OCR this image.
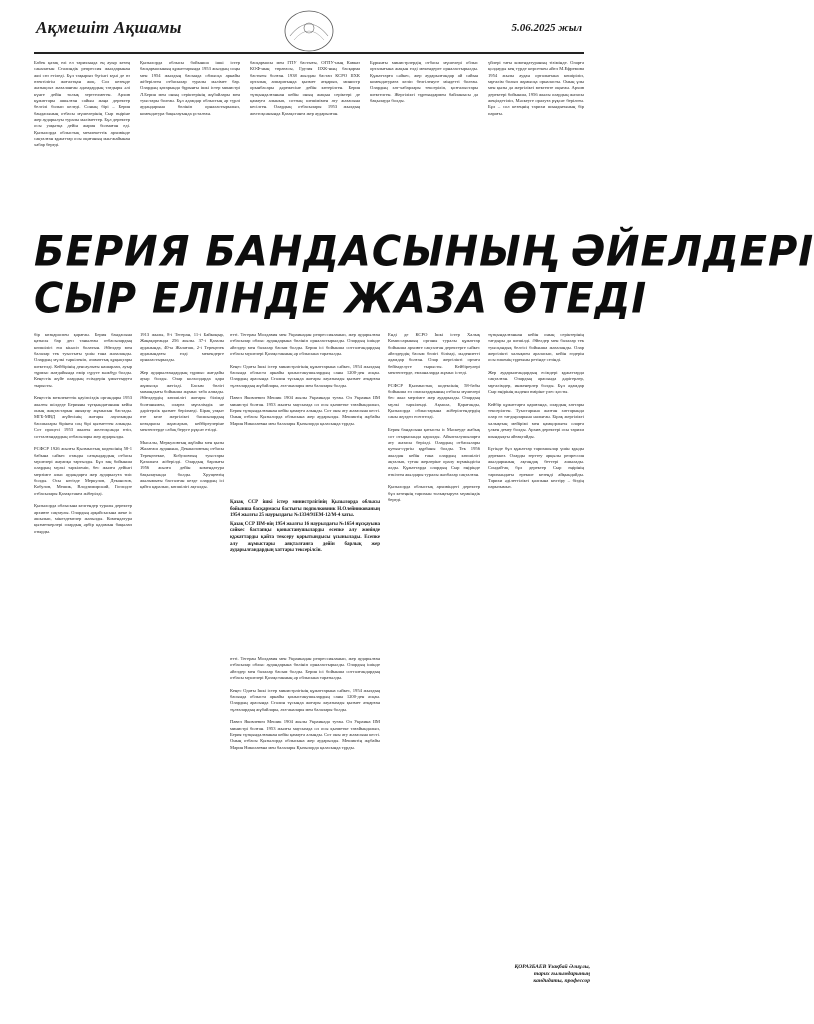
Ақмешіт Ақшамы	5.06.2025 жыл
Бабек қазақ елі ел тарихында ең ауыр кезең саналатын Сталиндік репрессия жылдарынан жиі сөз етіледі. Бұл тақырып бүгінгі күні де өз өзектілігін жоғалтқан жоқ. Сол кезеңде жазықсыз жазаланған адамдардың тағдыры әлі күнге дейін толық зерттелмеген. Архив құжаттары ашылған сайын жаңа деректер белгілі болып келеді. Соның бірі – Берия бандасының отбасы мүшелерінің Сыр өңіріне жер аударылуы туралы мәліметтер. Бұл деректер осы уақытқа дейін жария болмаған еді. Қызылорда облыстық мемлекеттік архивінде сақталған құжаттар осы оқиғаның мән-жайынан хабар береді.
Қызылорда облысы бойынша ішкі істер басқармасының құжаттарында 1953 жылдың соңы мен 1954 жылдың басында облысқа арнайы жіберілген отбасылар туралы мәлімет бар. Олардың қатарында бұрынғы ішкі істер министрі Л.Берия мен оның серіктерінің жұбайлары мен туыстары болған. Бұл адамдар облыстың әр түрлі аудандарына бөлініп орналастырылып, комендатура бақылауында ұсталған.
басқармасы мен ГПУ бастығы, ОГПУ-ның Кавказ КОФ-ның төрағасы, Грузия ІІХК-ның басқарма бастығы болған. 1938 жылдан бастап КСРО ІІХК орталық аппаратында қызмет атқарып, министр орынбасары дәрежесіне дейін көтерілген. Берия тұтқындалғаннан кейін оның жақын серіктері де қамауға алынып, соттың шешімімен ату жазасына кесілген. Олардың отбасылары 1953 жылдың желтоқсанында Қазақстанға жер аударылған.
Бұрынғы министрлердің отбасы мүшелері облыс орталығына жақын елді мекендерге орналастырылды. Құжаттарға сәйкес, жер аударылғандар ай сайын комендатураға келіп белгіленуге міндетті болған. Олардың хат-хабарлары тексеріліп, қозғалыстары шектелген. Жергілікті тұрғындармен байланысы да бақылауда болды.
үйлері тағы комендатураның тізімінде. Оларға қолдауды кең түрде көрсеткен әйел М.Ефремова 1954 жылы аудан орталығына көшіріліп, мұғалім болып жұмысқа орналасты. Оның ұлы мен қызы да жергілікті мектепте оқыған. Архив деректері бойынша, 1956 жылы олардың жазасы жеңілдетіліп, Мәскеуге оралуға рұқсат берілген. Бұл – сол кезеңнің тарихи шындығының бір парағы.
БЕРИЯ БАНДАСЫНЫҢ ӘЙЕЛДЕРІ
СЫР ЕЛІНДЕ ЖАЗА ӨТЕДІ
бір көзқараспен қараған. Берия бандасына қатысы бар деп танылған отбасылардың көпшілігі еш кінәсіз болатын. Әйелдер мен балалар тек туыстығы үшін ғана жазаланды. Олардың мүлкі тәркіленіп, азаматтық құқықтары шектелді. Кейбірінің денсаулығы нашарлап, ауыр тұрмыс жағдайында өмір сүруге мәжбүр болды. Кеңестік жүйе олардың есімдерін ұмыттыруға тырысты.

Кеңестік мемлекеттік қауіпсіздік органдары 1953 жылғы шілдеде Берияны тұтқындағаннан кейін оның жақтастарын анықтау жұмысын бастады. МГБ-МВД жүйесінің жоғары лауазымды басшылары бірінен соң бірі қызметтен алынды. Сот процесі 1953 жылғы желтоқсанда өтіп, сотталғандардың отбасылары жер аударылды.

РСФСР 1926 жылғы Қылмыстық кодексінің 58-1 бабына сәйкес отанды сатқандардың отбасы мүшелері жауапқа тартылды. Бұл заң бойынша олардың мүлкі тәркіленіп, бес жылға дейінгі мерзімге алыс аудандарға жер аударылуға тиіс болды. Осы негізде Меркулов, Деканозов, Кобулов, Мешик, Влодзимирский, Гоглидзе отбасылары Қазақстанға жіберілді.

Қызылорда облысына келгендер туралы деректер архивте сақтаулы. Олардың әрқайсысына жеке іс ашылып, мінездемелер жазылды. Комендатура қызметкерлері олардың әрбір қадамын бақылап отырды.
1913 жылы, 8-і Тегеран, 11-і Байкоңыр, Жаңақорғанда 256 жылы. 37-і Қазалы ауданында, 40-ы Жалағаш, 2-і Тереңөзек ауданындағы елді мекендерге орналастырылды.

Жер аударылғандардың тұрмыс жағдайы ауыр болды. Олар колхоздарда қара жұмысқа жегілді. Басым бөлігі мамандығы бойынша жұмыс таба алмады. Әйелдердің көпшілігі жоғары білімді болғанымен, оларға мұғалімдік не дәрігерлік қызмет берілмеді. Бірақ уақыт өте келе жергілікті басшылардың көзқарасы жұмсарып, кейбіреулеріне мектептерде сабақ беруге рұқсат етілді.

Мысалы, Меркуловтың жұбайы мен қызы Жалағаш ауданына, Деканозовтың отбасы Тереңөзекке, Кобуловтың туыстары Қазалыға жіберілді. Олардың барлығы 1956 жылға дейін комендатура бақылауында болды. Хрущевтің жылымығы басталған кезде олардың ісі қайта қаралып, көпшілігі ақталды.
өтті. Тегеран Молдавия мен Украинадан репрессияланып, жер аударылған отбасылар облыс аудандарына бөлініп орналастырылды. Олардың ішінде әйелдер мен балалар басым болды. Берия ісі бойынша сотталғандардың отбасы мүшелері Қазақстанның әр облысына таратылды.

Кеңес Одағы Ішкі істер министрлігінің құжаттарына сәйкес, 1954 жылдың басында облыста арнайы қоныстанушылардың саны 1200-ден асқан. Олардың арасында Сталин тұсында жоғары лауазымды қызмет атқарған тұлғалардың жұбайлары, ата-аналары мен балалары болды.

Павел Яковлевич Мешик 1904 жылы Украинада туған. Ол Украина ІІМ министрі болған. 1953 жылғы маусымда ол осы қызметке тағайындалып, Берия тұтқындалғаннан кейін қамауға алынды. Сот оны ату жазасына кесті. Оның отбасы Қызылорда облысына жер аударылды. Мешиктің жұбайы Мария Николаевна мен балалары Қызылорда қаласында тұрды.

Қазақ ССР ішкі істер министрлігінің Қызылорда облысы бойынша басқармасы бастығы подполковник Н.Олейникованың 1954 жылғы 25 наурыздағы №1334/91ЕМ-12/М-4 хаты.

Қазақ ССР ІІМ-нің 1954 жылғы 16 наурыздағы №1654 нұсқауына сәйкес бастапқы қоныстанушыларды есепке алу жөнінде құжаттарды қайта тексеру қорытындысы ұсынылады. Есепке алу жұмыстары аяқталғанға дейін барлық жер аударылғандардың хаттары тексерілсін.

өтті. Тегеран Молдавия мен Украинадан репрессияланып, жер аударылған отбасылар облыс аудандарына бөлініп орналастырылды. Олардың ішінде әйелдер мен балалар басым болды. Берия ісі бойынша сотталғандардың отбасы мүшелері Қазақстанның әр облысына таратылды.

Кеңес Одағы Ішкі істер министрлігінің құжаттарына сәйкес, 1954 жылдың басында облыста арнайы қоныстанушылардың саны 1200-ден асқан. Олардың арасында Сталин тұсында жоғары лауазымды қызмет атқарған тұлғалардың жұбайлары, ата-аналары мен балалары болды.

Павел Яковлевич Мешик 1904 жылы Украинада туған. Ол Украина ІІМ министрі болған. 1953 жылғы маусымда ол осы қызметке тағайындалып, Берия тұтқындалғаннан кейін қамауға алынды. Сот оны ату жазасына кесті. Оның отбасы Қызылорда облысына жер аударылды. Мешиктің жұбайы Мария Николаевна мен балалары Қызылорда қаласында тұрды.
Енді де КСРО Ішкі істер Халық Комиссарының органы туралы құжаттар бойынша архивте сақталған деректерге сәйкес әйелдердің басым бөлігі білімді, мәдениетті адамдар болған. Олар жергілікті ортаға бейімделуге тырысты. Кейбіреулері мектептерде, емханаларда жұмыс істеді.

РСФСР Қылмыстық кодексінің 58-бабы бойынша ел опасыздарының отбасы мүшелері бес жыл мерзімге жер аударылды. Олардың мүлкі тәркіленді. Ақмола, Қарағанды, Қызылорда облыстарына жіберілгендердің саны жүздеп есептелді.

Берия бандасына қатысты іс Мәскеуде жабық сот отырысында қаралды. Айыпталушыларға ату жазасы берілді. Олардың отбасылары қуғын-сүргін құрбаны болды. Тек 1956 жылдан кейін ғана олардың көпшілігі ақталып, туған жерлеріне оралу мүмкіндігін алды. Құжаттарда олардың Сыр өңірінде өткізген жылдары туралы жазбалар сақталған.

Қызылорда облыстық архивіндегі деректер бұл кезеңнің тарихын толықтыруға мүмкіндік береді.
тұтқындалғаннан кейін оның серіктерінің тағдыры да шешілді. Әйелдер мен балалар тек туысқандық белгісі бойынша жазаланды. Олар жергілікті халықпен араласып, кейін өздерін осы өлкенің тұрғыны ретінде сезінді.

Жер аударылғандардың есімдері құжаттарда сақталған. Олардың арасында дәрігерлер, мұғалімдер, инженерлер болды. Бұл адамдар Сыр өңірінің мәдени өміріне үлес қосты.

Кейбір құжаттарға қарағанда, олардың хаттары тексерілген. Туыстарына жазған хаттарында олар өз тағдырларына налыған. Бірақ жергілікті халықтың мейірімі мен қамқорлығы оларға үлкен демеу болды. Архив деректері осы тарихи шындықты айғақтайды.

Бүгінде бұл құжаттар тарихшылар үшін құнды дереккөз. Оларды зерттеу арқылы репрессия жылдарының ақтаңдақ беттері ашылады. Сондай-ақ бұл деректер Сыр өңірінің тарихындағы ерекше кезеңді айқындайды. Тарихи әділеттілікті қалпына келтіру – біздің парызымыз.
ҚОРАЗБАЕВ Ұзақбай Әлиұлы,
тарих ғылымдарының
кандидаты, профессор
